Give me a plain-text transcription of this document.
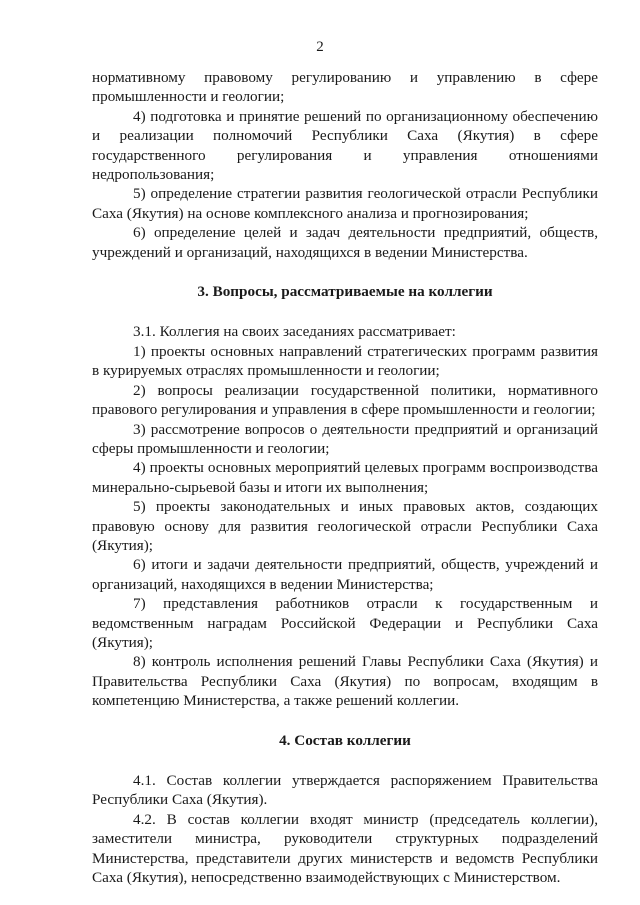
2

нормативному правовому регулированию и управлению в сфере промышленности и геологии;

4) подготовка и принятие решений по организационному обеспечению и реализации полномочий Республики Саха (Якутия) в сфере государственного регулирования и управления отношениями недропользования;

5) определение стратегии развития геологической отрасли Республики Саха (Якутия) на основе комплексного анализа и прогнозирования;

6) определение целей и задач деятельности предприятий, обществ, учреждений и организаций, находящихся в ведении Министерства.

3. Вопросы, рассматриваемые на коллегии

3.1. Коллегия на своих заседаниях рассматривает:

1) проекты основных направлений стратегических программ развития в курируемых отраслях промышленности и геологии;

2) вопросы реализации государственной политики, нормативного правового регулирования и управления в сфере промышленности и геологии;

3) рассмотрение вопросов о деятельности предприятий и организаций сферы промышленности и геологии;

4) проекты основных мероприятий целевых программ воспроизводства минерально-сырьевой базы и итоги их выполнения;

5) проекты законодательных и иных правовых актов, создающих правовую основу для развития геологической отрасли Республики Саха (Якутия);

6) итоги и задачи деятельности предприятий, обществ, учреждений и организаций, находящихся в ведении Министерства;

7) представления работников отрасли к государственным и ведомственным наградам Российской Федерации и Республики Саха (Якутия);

8) контроль исполнения решений Главы Республики Саха (Якутия) и Правительства Республики Саха (Якутия) по вопросам, входящим в компетенцию Министерства, а также решений коллегии.

4. Состав коллегии

4.1. Состав коллегии утверждается распоряжением Правительства Республики Саха (Якутия).

4.2. В состав коллегии входят министр (председатель коллегии), заместители министра, руководители структурных подразделений Министерства, представители других министерств и ведомств Республики Саха (Якутия), непосредственно взаимодействующих с Министерством.
